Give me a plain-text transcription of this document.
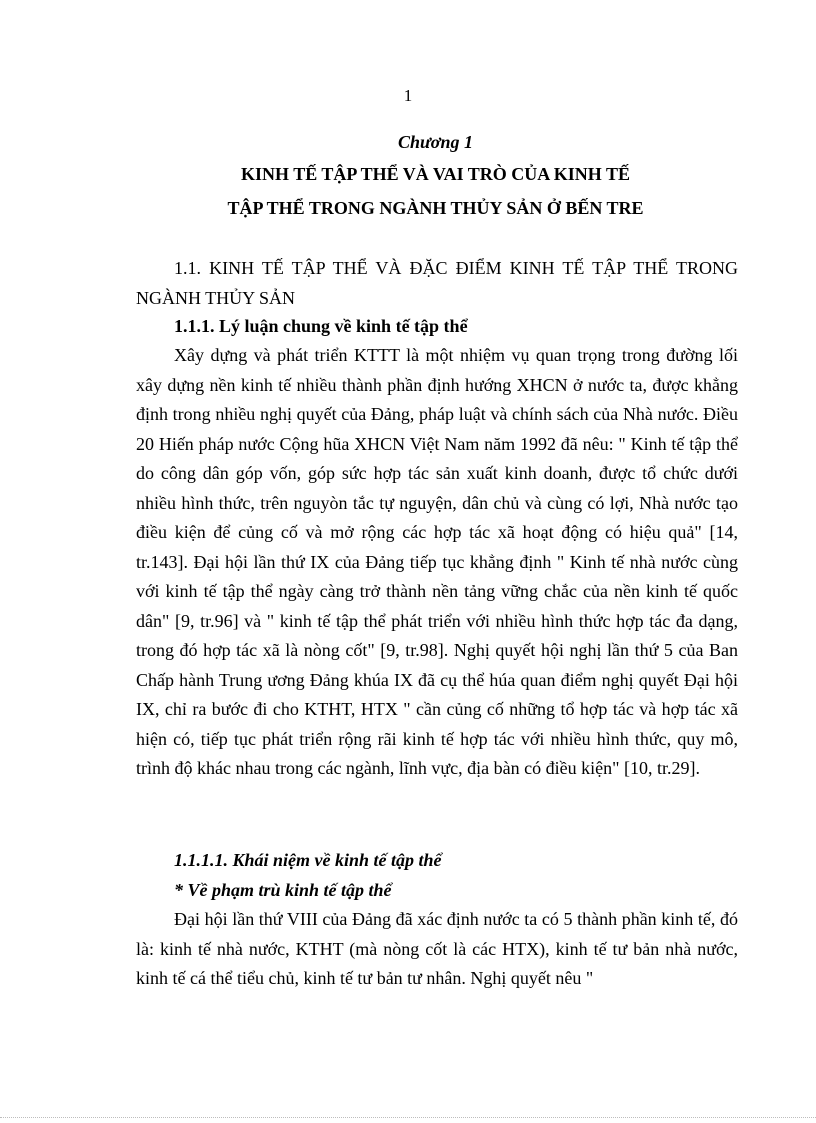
1
Chương 1
KINH TẾ TẬP THỂ VÀ VAI TRÒ CỦA KINH TẾ
TẬP THỂ TRONG NGÀNH THỦY SẢN Ở BẾN TRE

1.1. KINH TẾ TẬP THỂ VÀ ĐẶC ĐIỂM KINH TẾ TẬP THỂ TRONG NGÀNH THỦY SẢN

1.1.1. Lý luận chung về kinh tế tập thể

Xây dựng và phát triển KTTT là một nhiệm vụ quan trọng trong đường lối xây dựng nền kinh tế nhiều thành phần định hướng XHCN ở nước ta, được khẳng định trong nhiều nghị quyết của Đảng, pháp luật và chính sách của Nhà nước. Điều 20 Hiến pháp nước Cộng hũa XHCN Việt Nam năm 1992 đã nêu: " Kinh tế tập thể do công dân góp vốn, góp sức hợp tác sản xuất kinh doanh, được tổ chức dưới nhiều hình thức, trên nguyòn tắc tự nguyện, dân chủ và cùng có lợi, Nhà nước tạo điều kiện để củng cố và mở rộng các hợp tác xã hoạt động có hiệu quả" [14, tr.143]. Đại hội lần thứ IX của Đảng tiếp tục khẳng định " Kinh tế nhà nước cùng với kinh tế tập thể ngày càng trở thành nền tảng vững chắc của nền kinh tế quốc dân" [9, tr.96] và " kinh tế tập thể phát triển với nhiều hình thức hợp tác đa dạng, trong đó hợp tác xã là nòng cốt" [9, tr.98]. Nghị quyết hội nghị lần thứ 5 của Ban Chấp hành Trung ương Đảng khúa IX đã cụ thể húa quan điểm nghị quyết Đại hội IX, chỉ ra bước đi cho KTHT, HTX " cần củng cố những tổ hợp tác và hợp tác xã hiện có, tiếp tục phát triển rộng rãi kinh tế hợp tác với nhiều hình thức, quy mô, trình độ khác nhau trong các ngành, lĩnh vực, địa bàn có điều kiện" [10, tr.29].

1.1.1.1. Khái niệm về kinh tế tập thể

* Về phạm trù kinh tế tập thể

Đại hội lần thứ VIII của Đảng đã xác định nước ta có 5 thành phần kinh tế, đó là: kinh tế nhà nước, KTHT (mà nòng cốt là các HTX), kinh tế tư bản nhà nước, kinh tế cá thể tiểu chủ, kinh tế tư bản tư nhân. Nghị quyết nêu "
